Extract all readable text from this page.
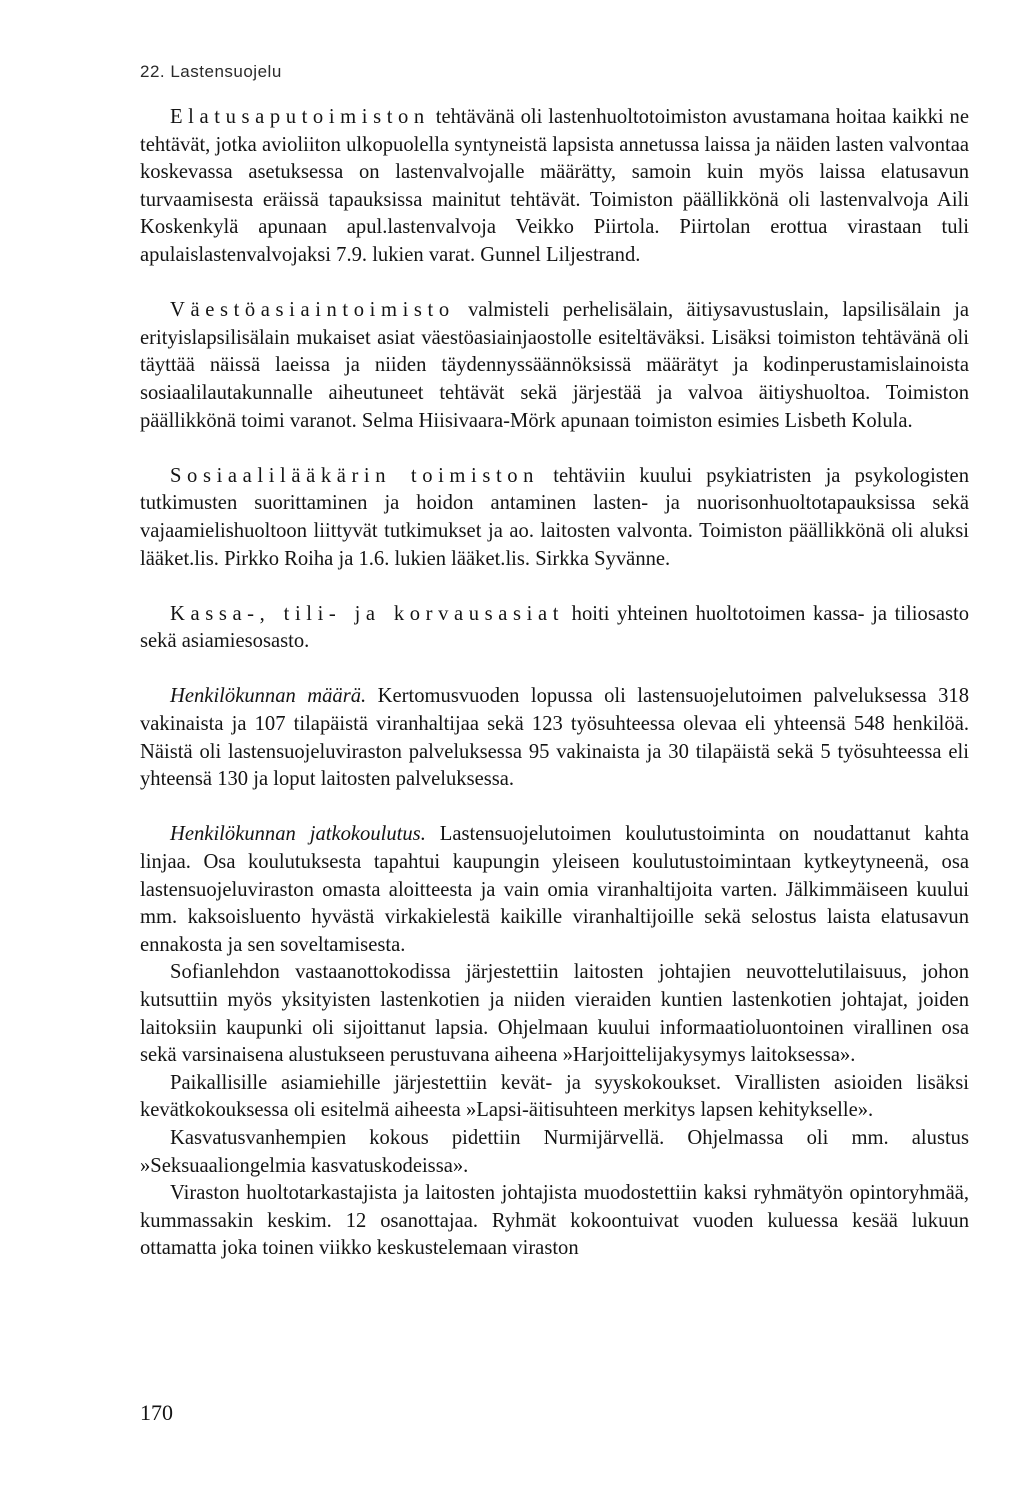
22. Lastensuojelu

Elatusaputoimiston tehtävänä oli lastenhuoltotoimiston avustamana hoitaa kaikki ne tehtävät, jotka avioliiton ulkopuolella syntyneistä lapsista annetussa laissa ja näiden lasten valvontaa koskevassa asetuksessa on lastenvalvojalle määrätty, samoin kuin myös laissa elatusavun turvaamisesta eräissä tapauksissa mainitut tehtävät. Toimiston päällikkönä oli lastenvalvoja Aili Koskenkylä apunaan apul.lastenvalvoja Veikko Piirtola. Piirtolan erottua virastaan tuli apulaislastenvalvojaksi 7.9. lukien varat. Gunnel Liljestrand.

Väestöasiaintoimisto valmisteli perhelisälain, äitiysavustuslain, lapsilisälain ja erityislapsilisälain mukaiset asiat väestöasiainjaostolle esiteltäväksi. Lisäksi toimiston tehtävänä oli täyttää näissä laeissa ja niiden täydennyssäännöksissä määrätyt ja kodinperustamislainoista sosiaalilautakunnalle aiheutuneet tehtävät sekä järjestää ja valvoa äitiyshuoltoa. Toimiston päällikkönä toimi varanot. Selma Hiisivaara-Mörk apunaan toimiston esimies Lisbeth Kolula.

Sosiaalilääkärin toimiston tehtäviin kuului psykiatristen ja psykologisten tutkimusten suorittaminen ja hoidon antaminen lasten- ja nuorisonhuoltotapauksissa sekä vajaamielishuoltoon liittyvät tutkimukset ja ao. laitosten valvonta. Toimiston päällikkönä oli aluksi lääket.lis. Pirkko Roiha ja 1.6. lukien lääket.lis. Sirkka Syvänne.

Kassa-, tili- ja korvausasiat hoiti yhteinen huoltotoimen kassa- ja tiliosasto sekä asiamiesosasto.

Henkilökunnan määrä. Kertomusvuoden lopussa oli lastensuojelutoimen palveluksessa 318 vakinaista ja 107 tilapäistä viranhaltijaa sekä 123 työsuhteessa olevaa eli yhteensä 548 henkilöä. Näistä oli lastensuojeluviraston palveluksessa 95 vakinaista ja 30 tilapäistä sekä 5 työsuhteessa eli yhteensä 130 ja loput laitosten palveluksessa.

Henkilökunnan jatkokoulutus. Lastensuojelutoimen koulutustoiminta on noudattanut kahta linjaa. Osa koulutuksesta tapahtui kaupungin yleiseen koulutustoimintaan kytkeytyneenä, osa lastensuojeluviraston omasta aloitteesta ja vain omia viranhaltijoita varten. Jälkimmäiseen kuului mm. kaksoisluento hyvästä virkakielestä kaikille viranhaltijoille sekä selostus laista elatusavun ennakosta ja sen soveltamisesta.

Sofianlehdon vastaanottokodissa järjestettiin laitosten johtajien neuvottelutilaisuus, johon kutsuttiin myös yksityisten lastenkotien ja niiden vieraiden kuntien lastenkotien johtajat, joiden laitoksiin kaupunki oli sijoittanut lapsia. Ohjelmaan kuului informaatioluontoinen virallinen osa sekä varsinaisena alustukseen perustuvana aiheena »Harjoittelijakysymys laitoksessa».

Paikallisille asiamiehille järjestettiin kevät- ja syyskokoukset. Virallisten asioiden lisäksi kevätkokouksessa oli esitelmä aiheesta »Lapsi-äitisuhteen merkitys lapsen kehitykselle».

Kasvatusvanhempien kokous pidettiin Nurmijärvellä. Ohjelmassa oli mm. alustus »Seksuaaliongelmia kasvatuskodeissa».

Viraston huoltotarkastajista ja laitosten johtajista muodostettiin kaksi ryhmätyön opintoryhmää, kummassakin keskim. 12 osanottajaa. Ryhmät kokoontuivat vuoden kuluessa kesää lukuun ottamatta joka toinen viikko keskustelemaan viraston

170
